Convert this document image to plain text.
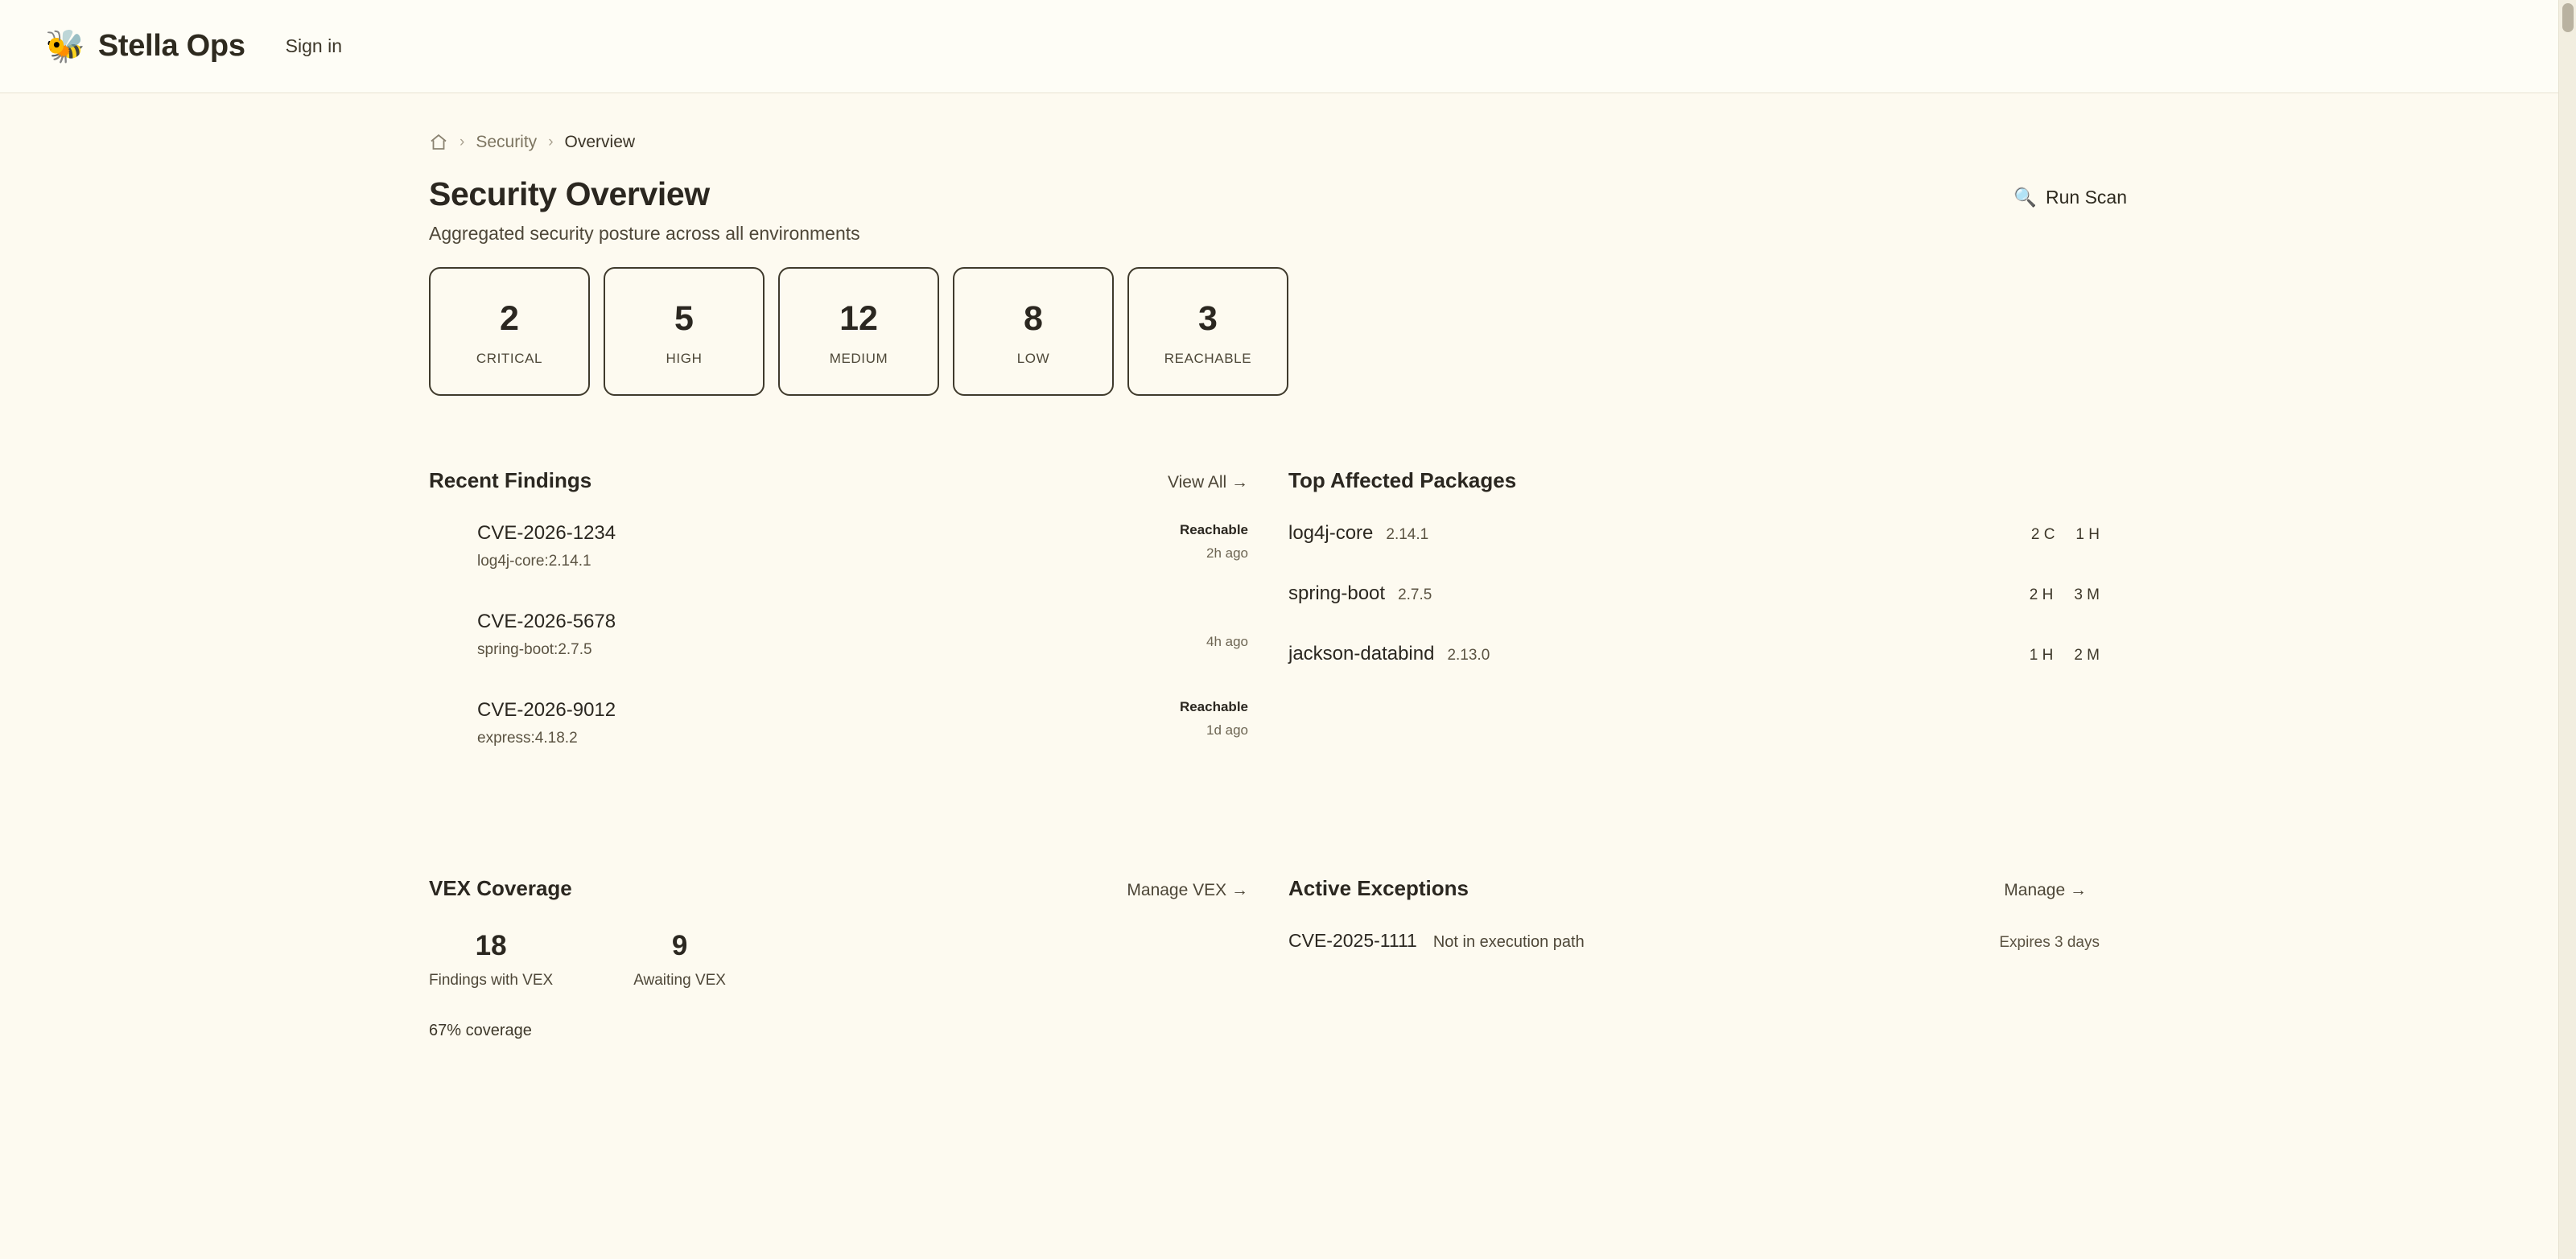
🐝 Stella Ops Sign in
› Security › Overview
Security Overview
Aggregated security posture across all environments
🔍 Run Scan
2
CRITICAL
5
HIGH
12
MEDIUM
8
LOW
3
REACHABLE
Recent Findings	View All →
CVE-2026-1234
log4j-core:2.14.1
Reachable
2h ago
CVE-2026-5678
spring-boot:2.7.5	4h ago
CVE-2026-9012
express:4.18.2
Reachable
1d ago
Top Affected Packages
log4j-core 2.14.1	2 C 1 H
spring-boot 2.7.5	2 H 3 M
jackson-databind 2.13.0	1 H 2 M
VEX Coverage	Manage VEX →
18
Findings with VEX
9
Awaiting VEX
67% coverage
Active Exceptions	Manage →
CVE-2025-1111 Not in execution path	Expires 3 days
